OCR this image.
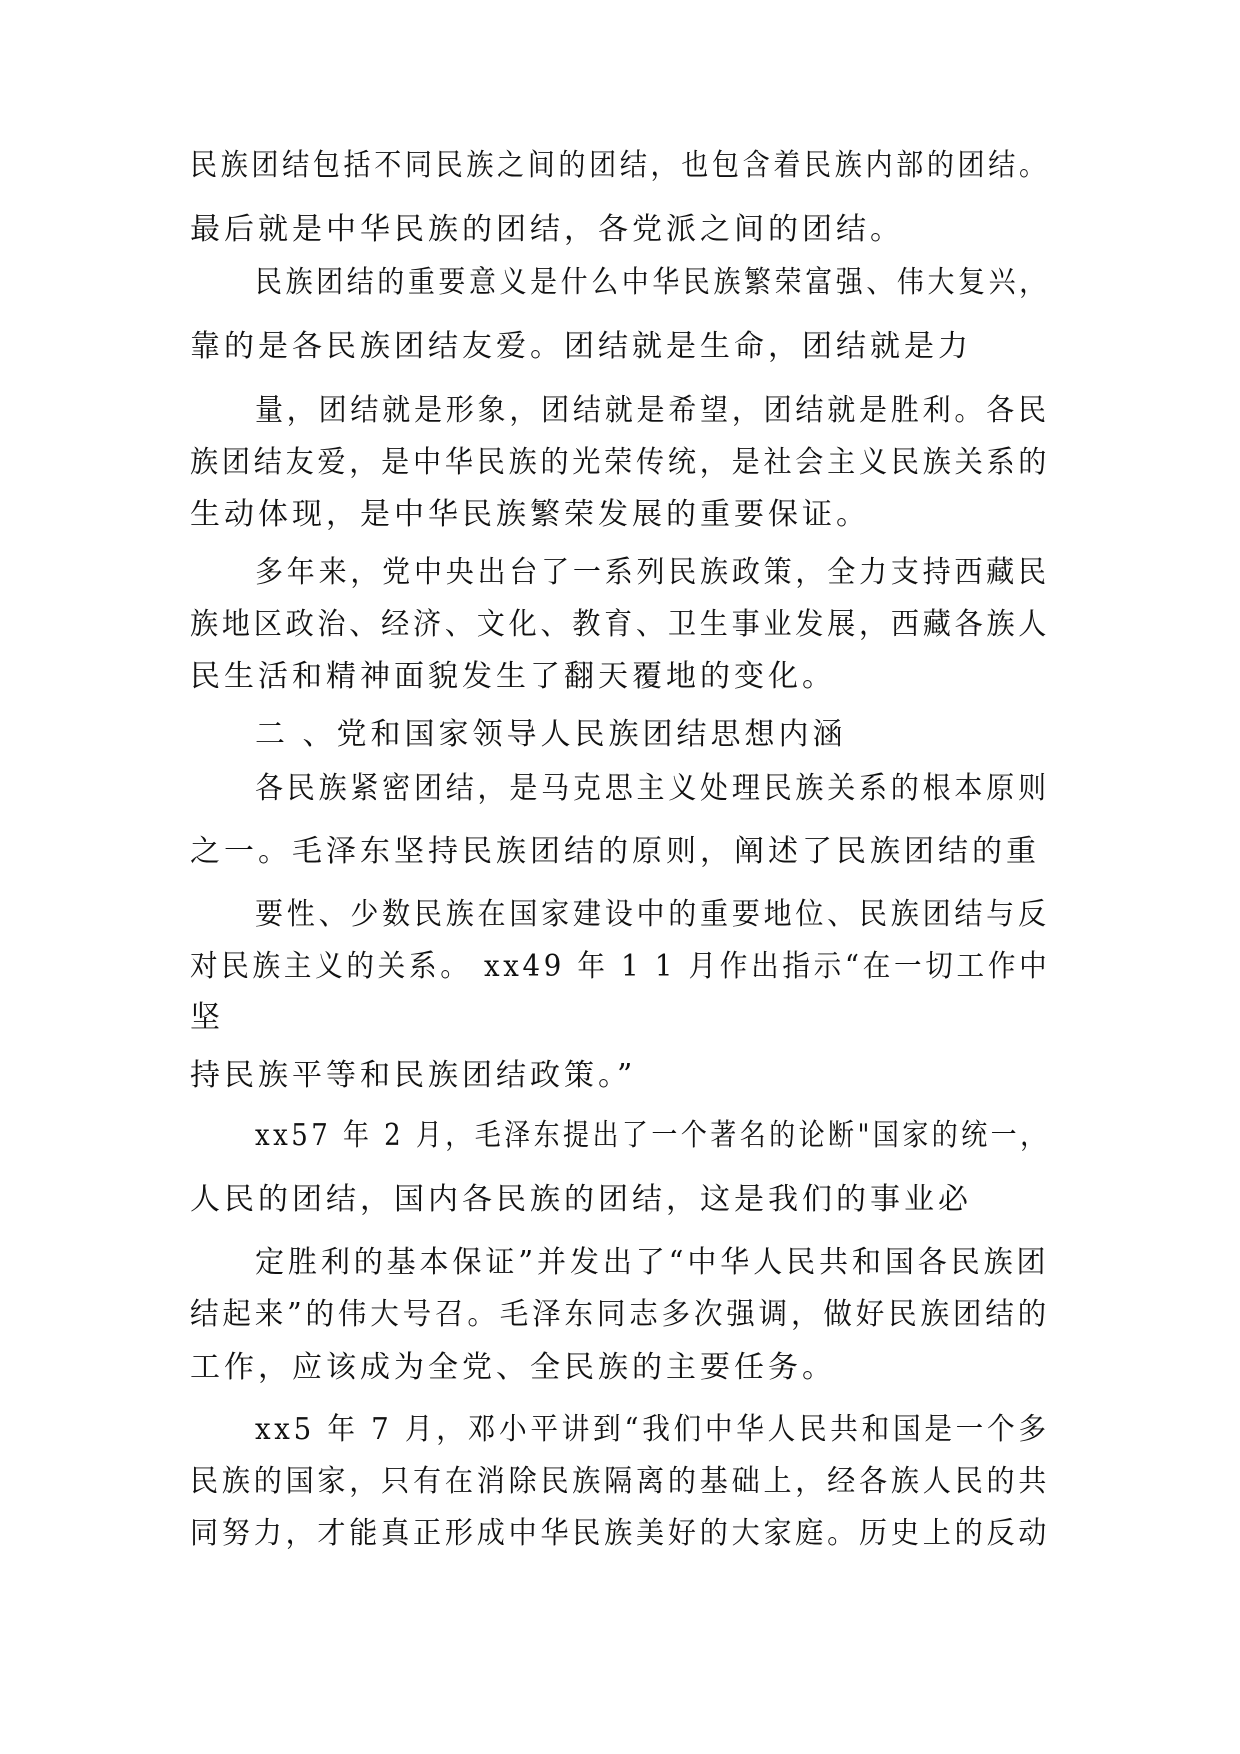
民族团结包括不同民族之间的团结，也包含着民族内部的团结。
最后就是中华民族的团结，各党派之间的团结。
民族团结的重要意义是什么中华民族繁荣富强、伟大复兴，
靠的是各民族团结友爱。团结就是生命，团结就是力
量，团结就是形象，团结就是希望，团结就是胜利。各民
族团结友爱，是中华民族的光荣传统，是社会主义民族关系的
生动体现，是中华民族繁荣发展的重要保证。
多年来，党中央出台了一系列民族政策，全力支持西藏民
族地区政治、经济、文化、教育、卫生事业发展，西藏各族人
民生活和精神面貌发生了翻天覆地的变化。
二 、党和国家领导人民族团结思想内涵
各民族紧密团结，是马克思主义处理民族关系的根本原则
之一。毛泽东坚持民族团结的原则，阐述了民族团结的重
要性、少数民族在国家建设中的重要地位、民族团结与反
对民族主义的关系。 xx49 年 1 1 月作出指示“在一切工作中
坚
持民族平等和民族团结政策。”
xx57 年 2 月，毛泽东提出了一个著名的论断"国家的统一，
人民的团结，国内各民族的团结，这是我们的事业必
定胜利的基本保证”并发出了“中华人民共和国各民族团
结起来”的伟大号召。毛泽东同志多次强调，做好民族团结的
工作，应该成为全党、全民族的主要任务。
xx5 年 7 月，邓小平讲到“我们中华人民共和国是一个多
民族的国家，只有在消除民族隔离的基础上，经各族人民的共
同努力，才能真正形成中华民族美好的大家庭。历史上的反动
